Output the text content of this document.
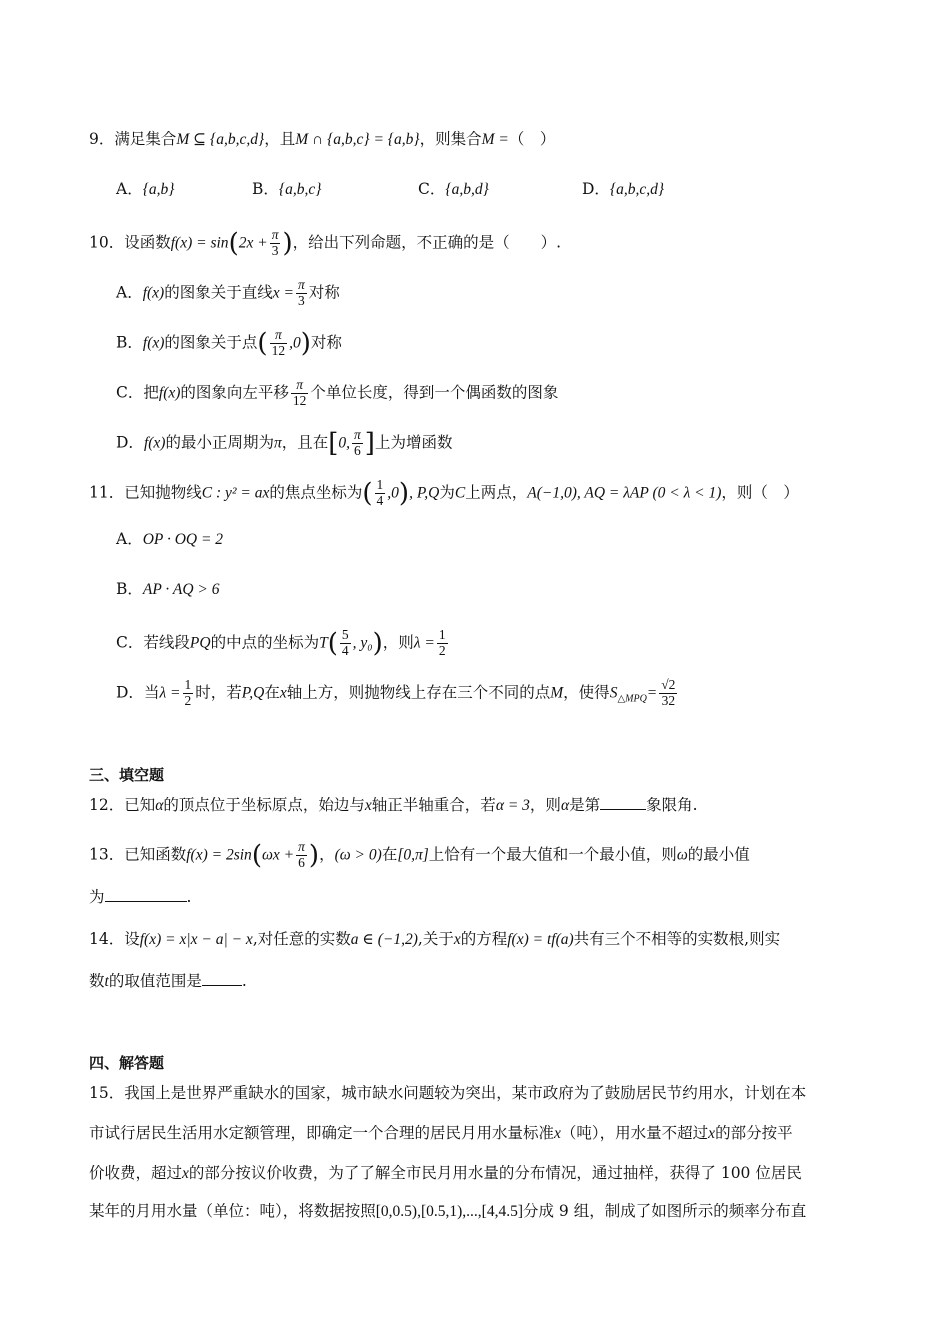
9．满足集合M ⊆ {a,b,c,d}，且M ∩ {a,b,c} = {a,b}，则集合M =（　）
A．{a,b}	B．{a,b,c}	C．{a,b,d}	D．{a,b,c,d}
10．设函数$f(x) = \sin(2x + \frac{\pi}{3}$ )，给出下列命题，不正确的是（　　）.
A．f(x)的图象关于直线$x = \frac{\pi}{3}$ 对称
B．f(x)的图象关于点( $\frac{\pi}{12} ,0$)对称
C．把f(x)的图象向左平移 $\frac{\pi}{12}$ 个单位长度，得到一个偶函数的图象
D．f(x)的最小正周期为π，且在[0, $\frac{\pi}{6}$ ]上为增函数
11．已知抛物线C : y² = ax的焦点坐标为( $\frac{1}{4} ,0$), P,Q为C上两点，A(−1,0), AQ = λAP (0 < λ < 1)，则（　）
A．OP · OQ = 2
B．AP · AQ > 6
C．若线段PQ的中点的坐标为$T( \frac{5}{4}$ , y₀)，则$\lambda = \frac{1}{2}$
D．当$\lambda = \frac{1}{2}$ 时，若P,Q在x轴上方，则抛物线上存在三个不同的点M，使得$S_{\triangle MPQ}= \frac{√2}{32}$
三、填空题
12．已知α的顶点位于坐标原点，始边与x轴正半轴重合，若α = 3，则α是第	象限角.
13．已知函数$f(x) = 2\sin(\omega x + \frac{\pi}{6}$ )，(ω > 0)在[0,π]上恰有一个最大值和一个最小值，则ω的最小值
为	.
14．设f(x) = x|x − a| − x,对任意的实数a ∈ (−1,2),关于x的方程f(x) = tf(a)共有三个不相等的实数根,则实
数t的取值范围是	.
四、解答题
15．我国上是世界严重缺水的国家，城市缺水问题较为突出，某市政府为了鼓励居民节约用水，计划在本
市试行居民生活用水定额管理，即确定一个合理的居民月用水量标准x（吨），用水量不超过x的部分按平
价收费，超过x的部分按议价收费，为了了解全市民月用水量的分布情况，通过抽样，获得了 100 位居民
某年的月用水量（单位：吨），将数据按照[0,0.5),[0.5,1),...,[4,4.5]分成 9 组，制成了如图所示的频率分布直
